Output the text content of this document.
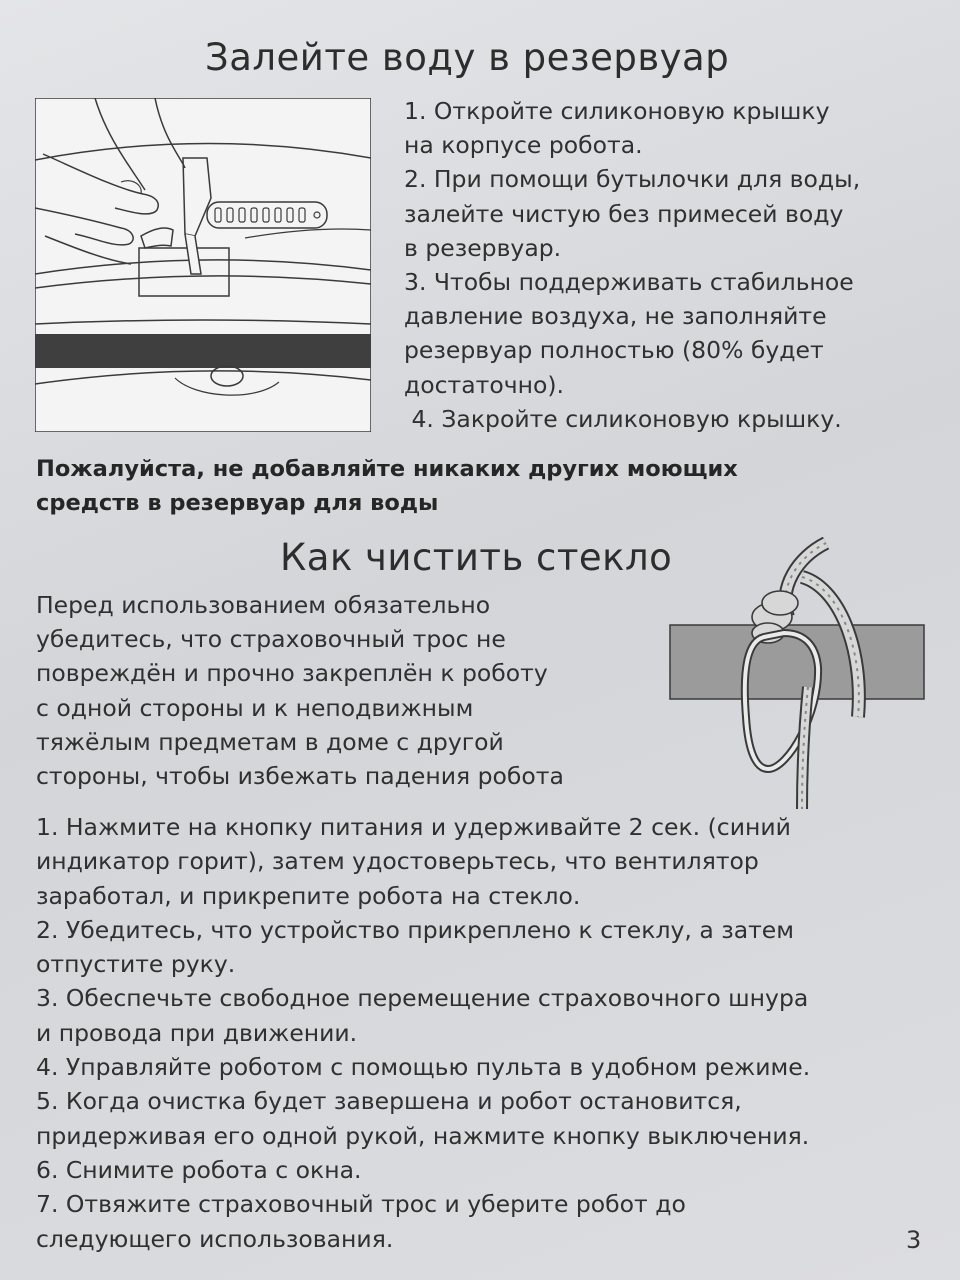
Залейте воду в резервуар
1. Откройте силиконовую крышку
на корпусе робота.
2. При помощи бутылочки для воды,
залейте чистую без примесей воду
в резервуар.
3. Чтобы поддерживать стабильное
давление воздуха, не заполняйте
резервуар полностью (80% будет
достаточно).
4. Закройте силиконовую крышку.
Пожалуйста, не добавляйте никаких других моющих
средств в резервуар для воды
Как чистить стекло
Перед использованием обязательно
убедитесь, что страховочный трос не
повреждён и прочно закреплён к роботу
с одной стороны и к неподвижным
тяжёлым предметам в доме с другой
стороны, чтобы избежать падения робота
1. Нажмите на кнопку питания и удерживайте 2 сек. (синий
индикатор горит), затем удостоверьтесь, что вентилятор
заработал, и прикрепите робота на стекло.
2. Убедитесь, что устройство прикреплено к стеклу, а затем
отпустите руку.
3. Обеспечьте свободное перемещение страховочного шнура
и провода при движении.
4. Управляйте роботом с помощью пульта в удобном режиме.
5. Когда очистка будет завершена и робот остановится,
придерживая его одной рукой, нажмите кнопку выключения.
6. Снимите робота с окна.
7. Отвяжите страховочный трос и уберите робот до
следующего использования.	3
